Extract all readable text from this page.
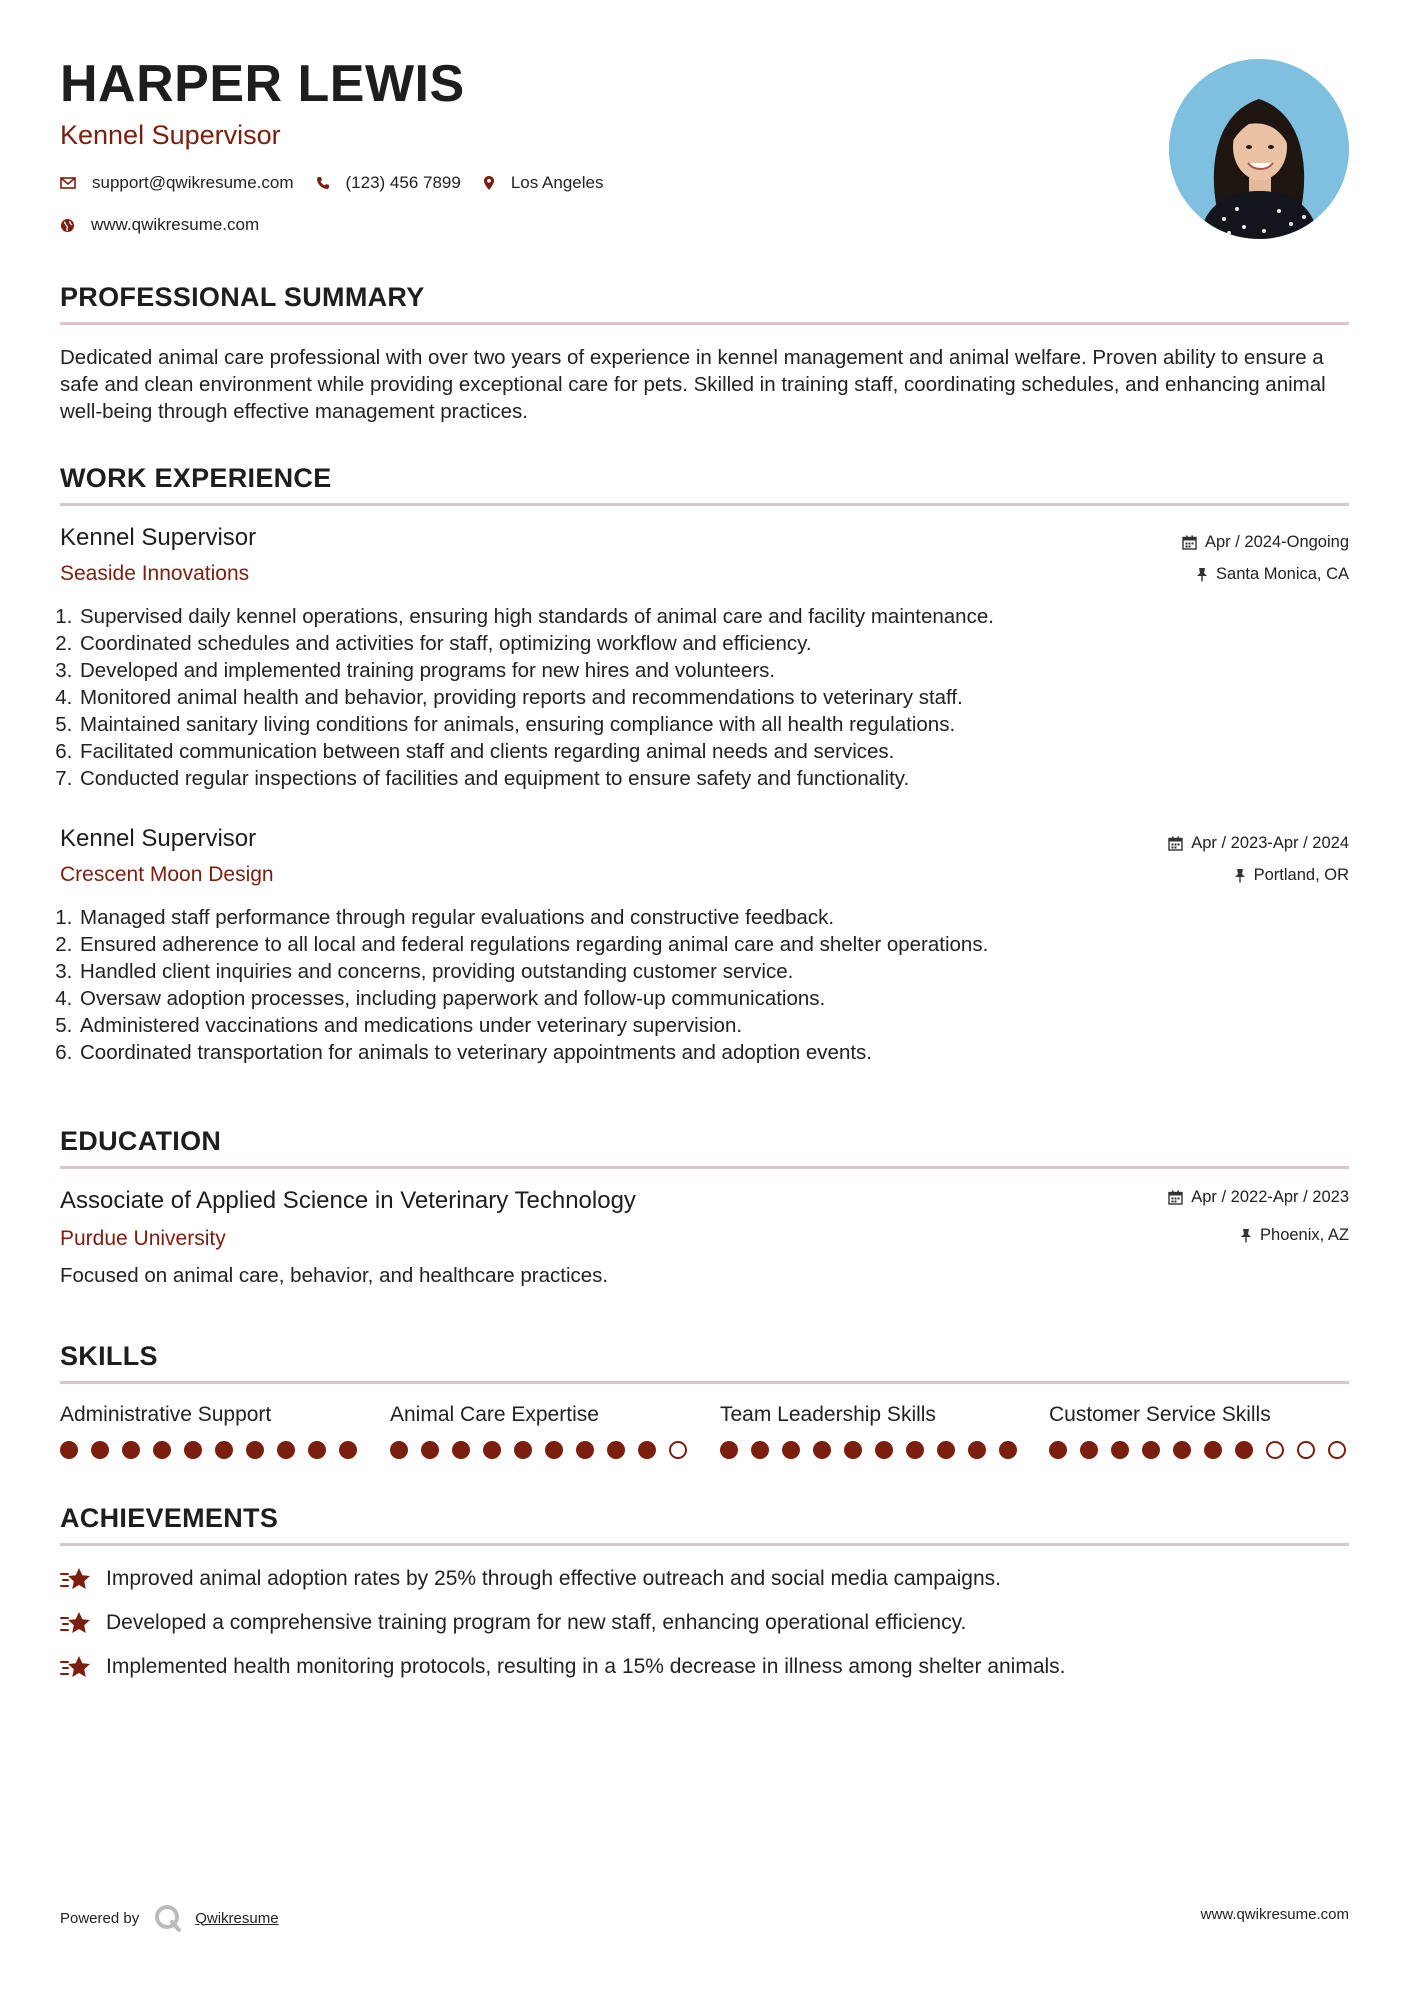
HARPER LEWIS
Kennel Supervisor
support@qwikresume.com	(123) 456 7899	Los Angeles
www.qwikresume.com
PROFESSIONAL SUMMARY
Dedicated animal care professional with over two years of experience in kennel management and animal welfare. Proven ability to ensure a safe and clean environment while providing exceptional care for pets. Skilled in training staff, coordinating schedules, and enhancing animal well-being through effective management practices.
WORK EXPERIENCE
Kennel Supervisor
Seaside Innovations
Apr / 2024-Ongoing
Santa Monica, CA
1. Supervised daily kennel operations, ensuring high standards of animal care and facility maintenance.
2. Coordinated schedules and activities for staff, optimizing workflow and efficiency.
3. Developed and implemented training programs for new hires and volunteers.
4. Monitored animal health and behavior, providing reports and recommendations to veterinary staff.
5. Maintained sanitary living conditions for animals, ensuring compliance with all health regulations.
6. Facilitated communication between staff and clients regarding animal needs and services.
7. Conducted regular inspections of facilities and equipment to ensure safety and functionality.
Kennel Supervisor
Crescent Moon Design
Apr / 2023-Apr / 2024
Portland, OR
1. Managed staff performance through regular evaluations and constructive feedback.
2. Ensured adherence to all local and federal regulations regarding animal care and shelter operations.
3. Handled client inquiries and concerns, providing outstanding customer service.
4. Oversaw adoption processes, including paperwork and follow-up communications.
5. Administered vaccinations and medications under veterinary supervision.
6. Coordinated transportation for animals to veterinary appointments and adoption events.
EDUCATION
Associate of Applied Science in Veterinary Technology
Purdue University
Apr / 2022-Apr / 2023
Phoenix, AZ
Focused on animal care, behavior, and healthcare practices.
SKILLS
Administrative Support	Animal Care Expertise	Team Leadership Skills	Customer Service Skills
ACHIEVEMENTS
Improved animal adoption rates by 25% through effective outreach and social media campaigns.
Developed a comprehensive training program for new staff, enhancing operational efficiency.
Implemented health monitoring protocols, resulting in a 15% decrease in illness among shelter animals.
Powered by	Qwikresume	www.qwikresume.com
